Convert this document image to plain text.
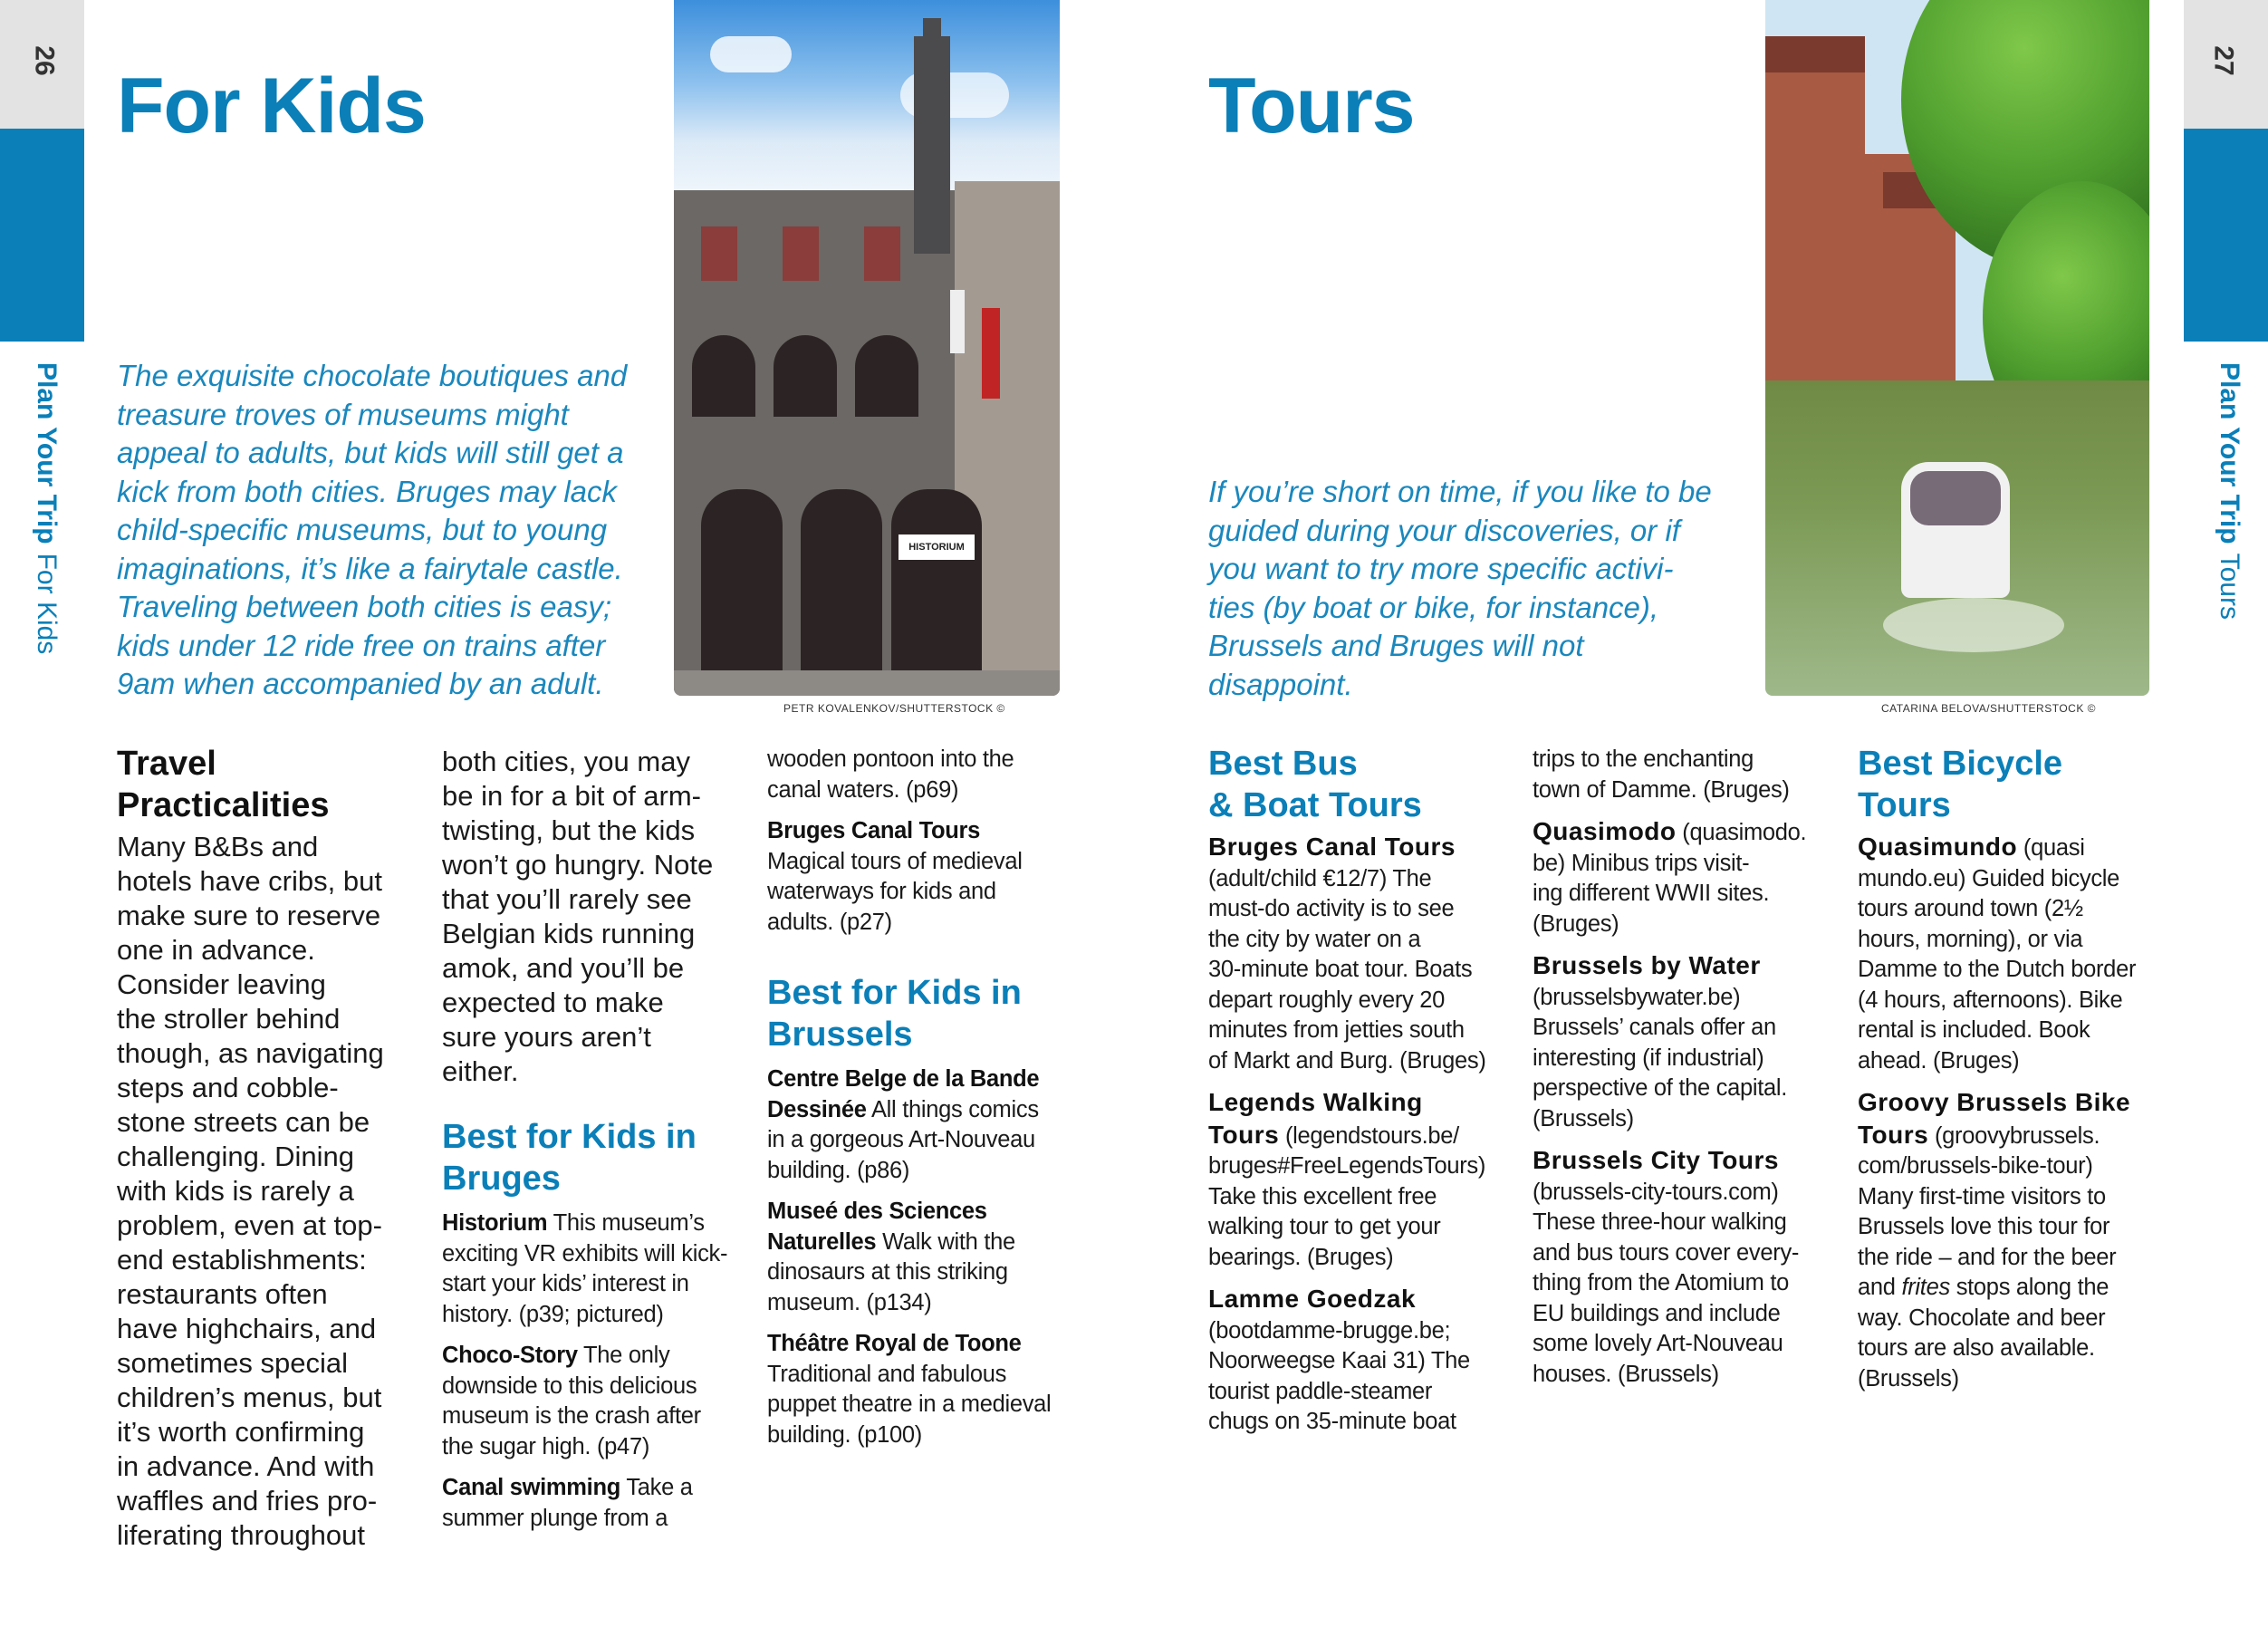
26
Plan Your TripFor Kids
For Kids
The exquisite chocolate boutiques and
treasure troves of museums might
appeal to adults, but kids will still get a
kick from both cities. Bruges may lack
child-specific museums, but to young
imaginations, it’s like a fairytale castle.
Traveling between both cities is easy;
kids under 12 ride free on trains after
9am when accompanied by an adult.
HISTORIUM
PETR KOVALENKOV/SHUTTERSTOCK ©
Travel
Practicalities
Many B&Bs and
hotels have cribs, but
make sure to reserve
one in advance.
Consider leaving
the stroller behind
though, as navigating
steps and cobble-
stone streets can be
challenging. Dining
with kids is rarely a
problem, even at top-
end establishments:
restaurants often
have highchairs, and
sometimes special
children’s menus, but
it’s worth confirming
in advance. And with
waffles and fries pro-
liferating throughout
both cities, you may
be in for a bit of arm-
twisting, but the kids
won’t go hungry. Note
that you’ll rarely see
Belgian kids running
amok, and you’ll be
expected to make
sure yours aren’t
either.
Best for Kids in
Bruges

Historium This museum’s
exciting VR exhibits will kick-
start your kids’ interest in
history. (p39; pictured)

Choco-Story The only
downside to this delicious
museum is the crash after
the sugar high. (p47)

Canal swimming Take a
summer plunge from a

wooden pontoon into the
canal waters. (p69)

Bruges Canal Tours
Magical tours of medieval
waterways for kids and
adults. (p27)

Best for Kids in
Brussels

Centre Belge de la Bande
Dessinée All things comics
in a gorgeous Art-Nouveau
building. (p86)

Museé des Sciences
Naturelles Walk with the
dinosaurs at this striking
museum. (p134)

Théâtre Royal de Toone
Traditional and fabulous
puppet theatre in a medieval
building. (p100)

27
Plan Your TripTours
Tours
If you’re short on time, if you like to be
guided during your discoveries, or if
you want to try more specific activi-
ties (by boat or bike, for instance),
Brussels and Bruges will not
disappoint.
CATARINA BELOVA/SHUTTERSTOCK ©
Best Bus
& Boat Tours

Bruges Canal Tours
(adult/child €12/7) The
must-do activity is to see
the city by water on a
30-minute boat tour. Boats
depart roughly every 20
minutes from jetties south
of Markt and Burg. (Bruges)

Legends Walking
Tours (legendstours.be/
bruges#FreeLegendsTours)
Take this excellent free
walking tour to get your
bearings. (Bruges)

Lamme Goedzak
(bootdamme-brugge.be;
Noorweegse Kaai 31) The
tourist paddle-steamer
chugs on 35-minute boat

trips to the enchanting
town of Damme. (Bruges)

Quasimodo (quasimodo.
be) Minibus trips visit-
ing different WWII sites.
(Bruges)

Brussels by Water
(brusselsbywater.be)
Brussels’ canals offer an
interesting (if industrial)
perspective of the capital.
(Brussels)

Brussels City Tours
(brussels-city-tours.com)
These three-hour walking
and bus tours cover every-
thing from the Atomium to
EU buildings and include
some lovely Art-Nouveau
houses. (Brussels)

Best Bicycle
Tours

Quasimundo (quasi
mundo.eu) Guided bicycle
tours around town (2½
hours, morning), or via
Damme to the Dutch border
(4 hours, afternoons). Bike
rental is included. Book
ahead. (Bruges)

Groovy Brussels Bike
Tours (groovybrussels.
com/brussels-bike-tour)
Many first-time visitors to
Brussels love this tour for
the ride – and for the beer
and frites stops along the
way. Chocolate and beer
tours are also available.
(Brussels)
